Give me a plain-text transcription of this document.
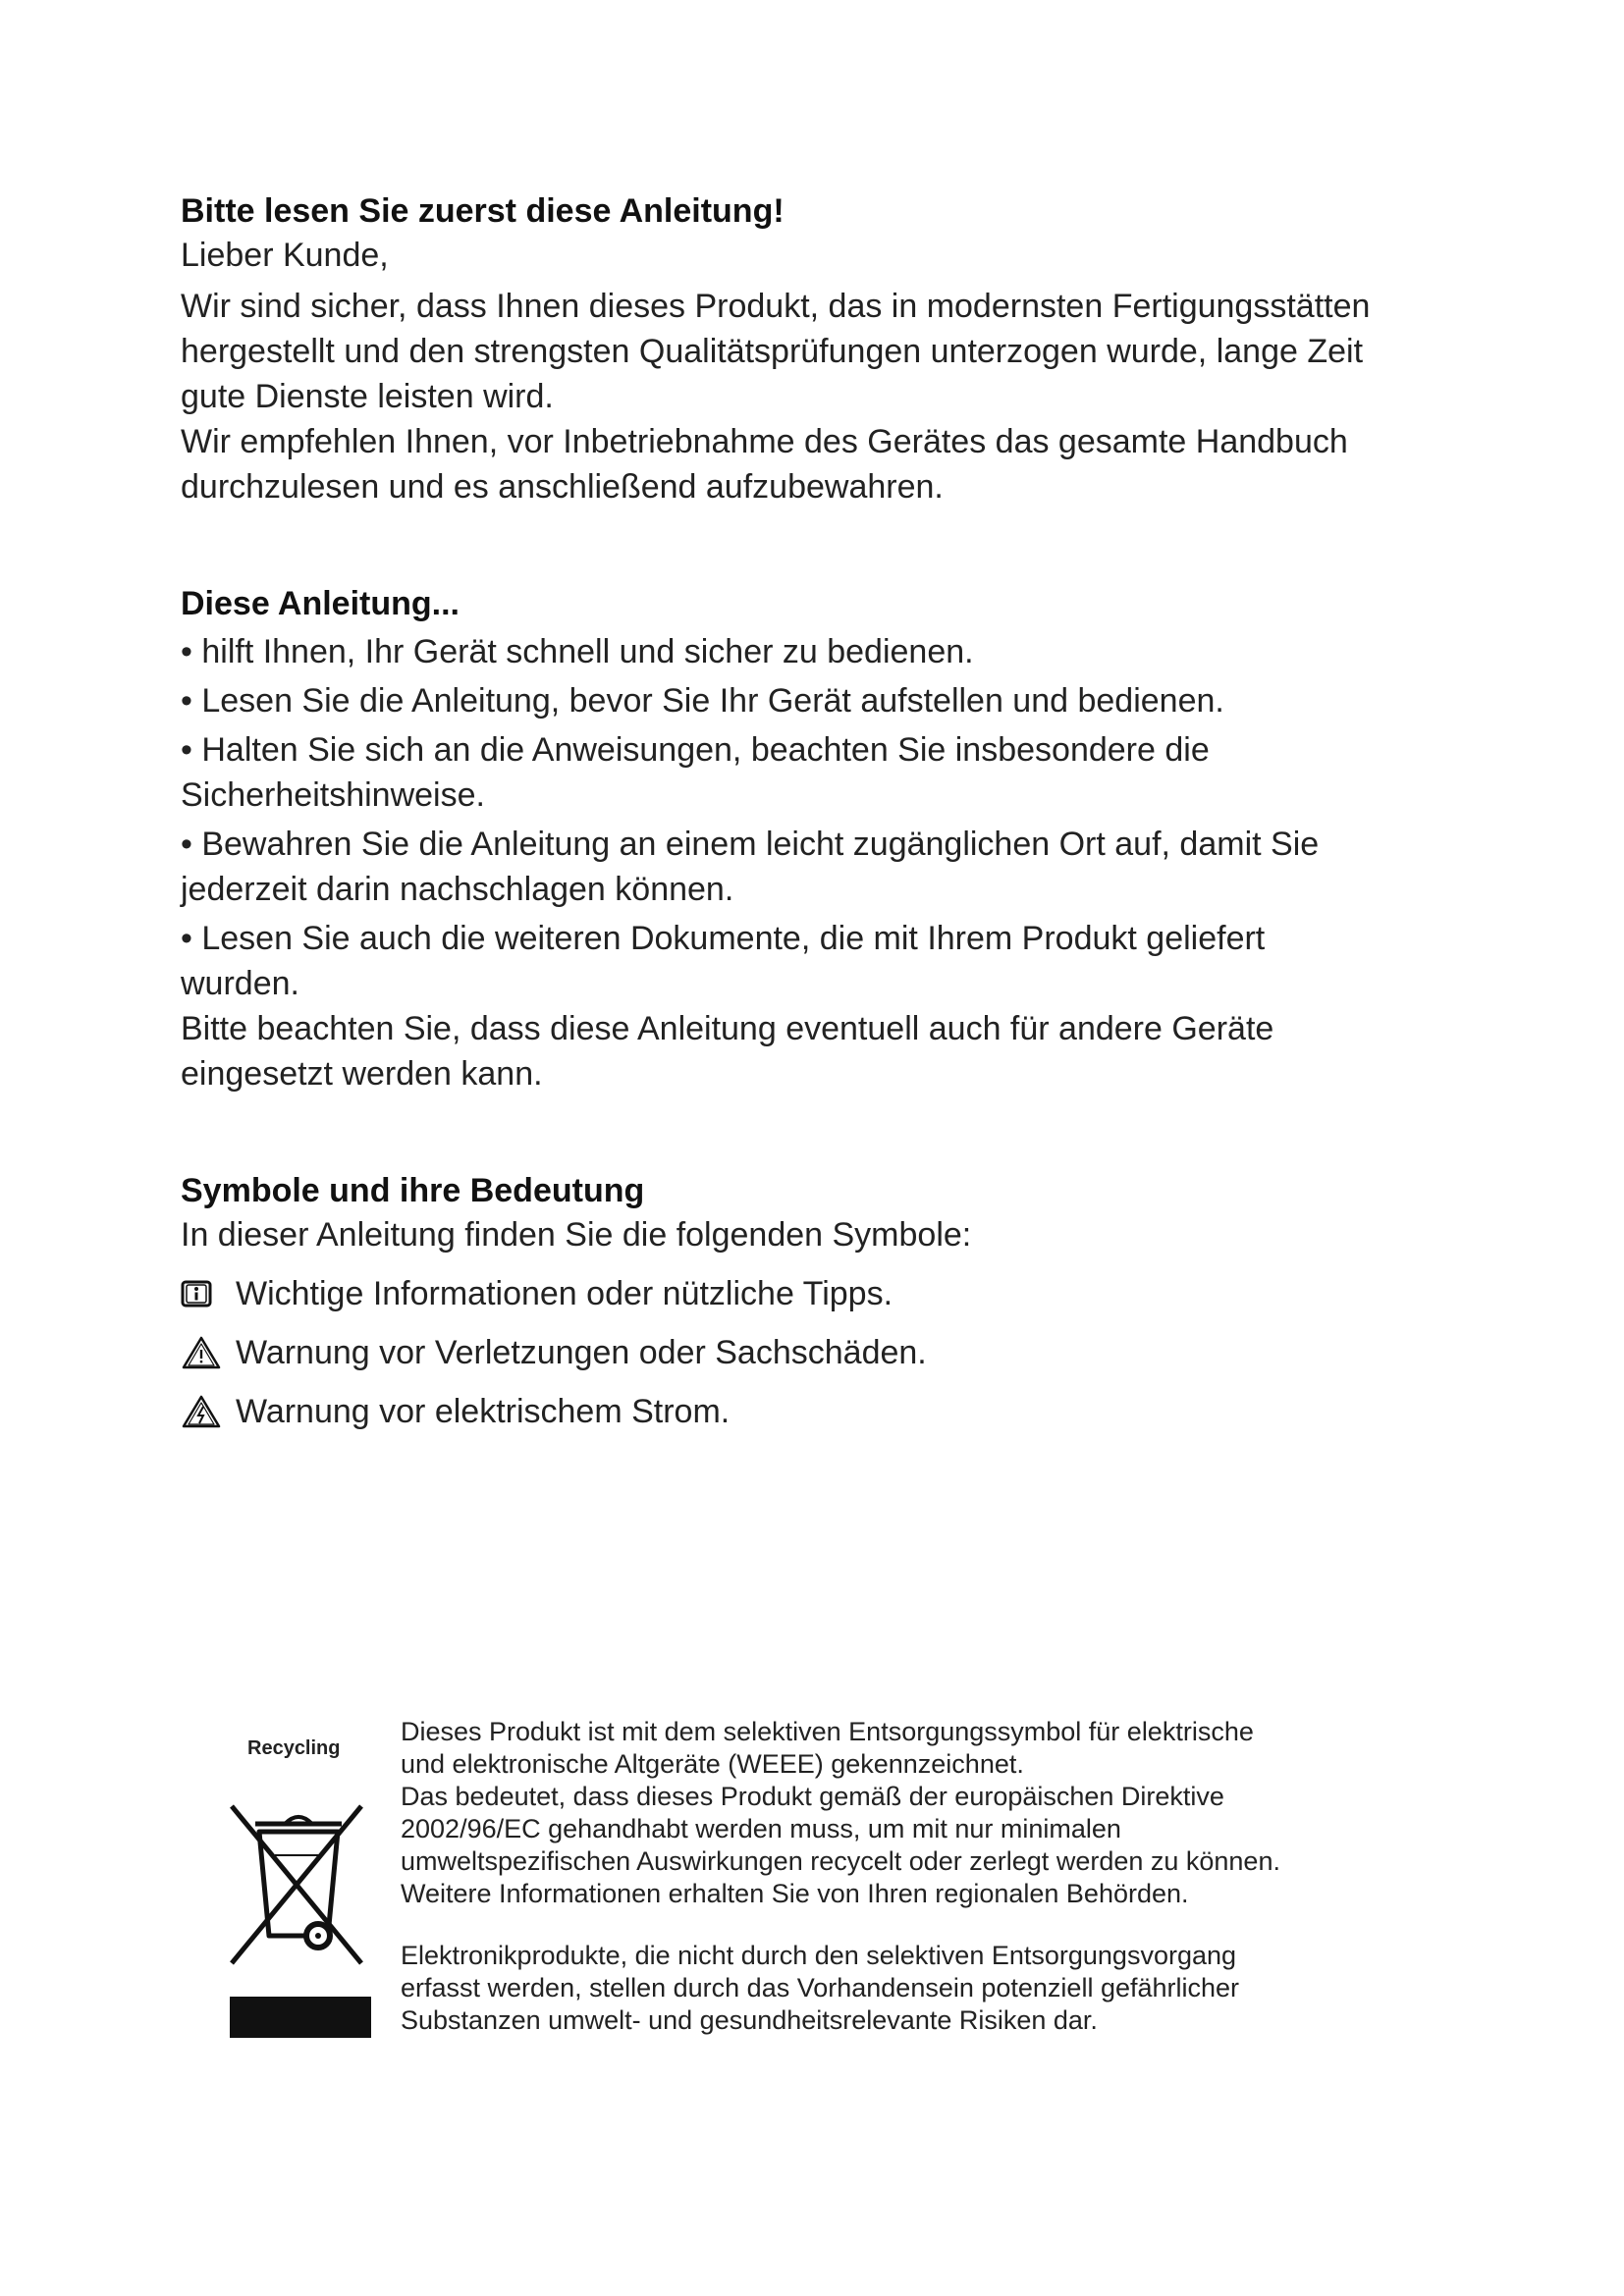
Bitte lesen Sie zuerst diese Anleitung!

Lieber Kunde,

Wir sind sicher, dass Ihnen dieses Produkt, das in modernsten Fertigungsstätten
hergestellt und den strengsten Qualitätsprüfungen unterzogen wurde, lange Zeit
gute Dienste leisten wird.

Wir empfehlen Ihnen, vor Inbetriebnahme des Gerätes das gesamte Handbuch
durchzulesen und es anschließend aufzubewahren.

Diese Anleitung...

• hilft Ihnen, Ihr Gerät schnell und sicher zu bedienen.

• Lesen Sie die Anleitung, bevor Sie Ihr Gerät aufstellen und bedienen.

• Halten Sie sich an die Anweisungen, beachten Sie insbesondere die
Sicherheitshinweise.

• Bewahren Sie die Anleitung an einem leicht zugänglichen Ort auf, damit Sie
jederzeit darin nachschlagen können.

• Lesen Sie auch die weiteren Dokumente, die mit Ihrem Produkt geliefert
wurden.

Bitte beachten Sie, dass diese Anleitung eventuell auch für andere Geräte
eingesetzt werden kann.

Symbole und ihre Bedeutung

In dieser Anleitung finden Sie die folgenden Symbole:

Wichtige Informationen oder nützliche Tipps.
Warnung vor Verletzungen oder Sachschäden.
Warnung vor elektrischem Strom.
Recycling

Dieses Produkt ist mit dem selektiven Entsorgungssymbol für elektrische
und elektronische Altgeräte (WEEE) gekennzeichnet.
Das bedeutet, dass dieses Produkt gemäß der europäischen Direktive
2002/96/EC gehandhabt werden muss, um mit nur minimalen
umweltspezifischen Auswirkungen recycelt oder zerlegt werden zu können.
Weitere Informationen erhalten Sie von Ihren regionalen Behörden.

Elektronikprodukte, die nicht durch den selektiven Entsorgungsvorgang
erfasst werden, stellen durch das Vorhandensein potenziell gefährlicher
Substanzen umwelt- und gesundheitsrelevante Risiken dar.
